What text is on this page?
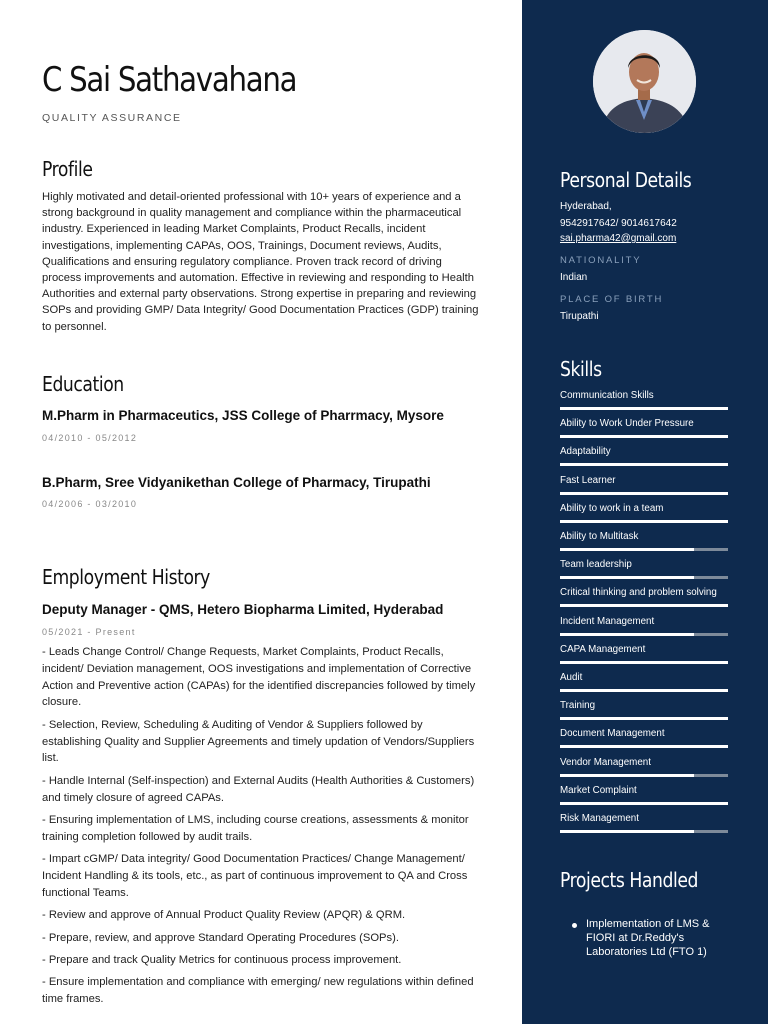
C Sai Sathavahana
QUALITY ASSURANCE
Profile
Highly motivated and detail-oriented professional with 10+ years of experience and a strong background in quality management and compliance within the pharmaceutical industry. Experienced in leading Market Complaints, Product Recalls, incident investigations, implementing CAPAs, OOS, Trainings, Document reviews, Audits, Qualifications and ensuring regulatory compliance. Proven track record of driving process improvements and automation. Effective in reviewing and responding to Health Authorities and external party observations. Strong expertise in preparing and reviewing SOPs and providing GMP/ Data Integrity/ Good Documentation Practices (GDP) training to personnel.
Education
M.Pharm in Pharmaceutics, JSS College of Pharrmacy, Mysore
04/2010 - 05/2012
B.Pharm, Sree Vidyanikethan College of Pharmacy, Tirupathi
04/2006 - 03/2010
Employment History
Deputy Manager - QMS, Hetero Biopharma Limited, Hyderabad
05/2021 - Present
- Leads Change Control/ Change Requests, Market Complaints, Product Recalls, incident/ Deviation management, OOS investigations and implementation of Corrective Action and Preventive action (CAPAs) for the identified discrepancies followed by timely closure.
- Selection, Review, Scheduling & Auditing of Vendor & Suppliers followed by establishing Quality and Supplier Agreements and timely updation of Vendors/Suppliers list.
- Handle Internal (Self-inspection) and External Audits (Health Authorities & Customers) and timely closure of agreed CAPAs.
- Ensuring implementation of LMS, including course creations, assessments & monitor training completion followed by audit trails.
- Impart cGMP/ Data integrity/ Good Documentation Practices/ Change Management/ Incident Handling & its tools, etc., as part of continuous improvement to QA and Cross functional Teams.
- Review and approve of Annual Product Quality Review (APQR) & QRM.
- Prepare, review, and approve Standard Operating Procedures (SOPs).
- Prepare and track Quality Metrics for continuous process improvement.
- Ensure implementation and compliance with emerging/ new regulations within defined time frames.
Personal Details
Hyderabad,
9542917642/ 9014617642
sai.pharma42@gmail.com
NATIONALITY
Indian
PLACE OF BIRTH
Tirupathi
Skills
Communication Skills
Ability to Work Under Pressure
Adaptability
Fast Learner
Ability to work in a team
Ability to Multitask
Team leadership
Critical thinking and problem solving
Incident Management
CAPA Management
Audit
Training
Document Management
Vendor Management
Market Complaint
Risk Management
Projects Handled
Implementation of LMS & FIORI at Dr.Reddy's Laboratories Ltd (FTO 1)
